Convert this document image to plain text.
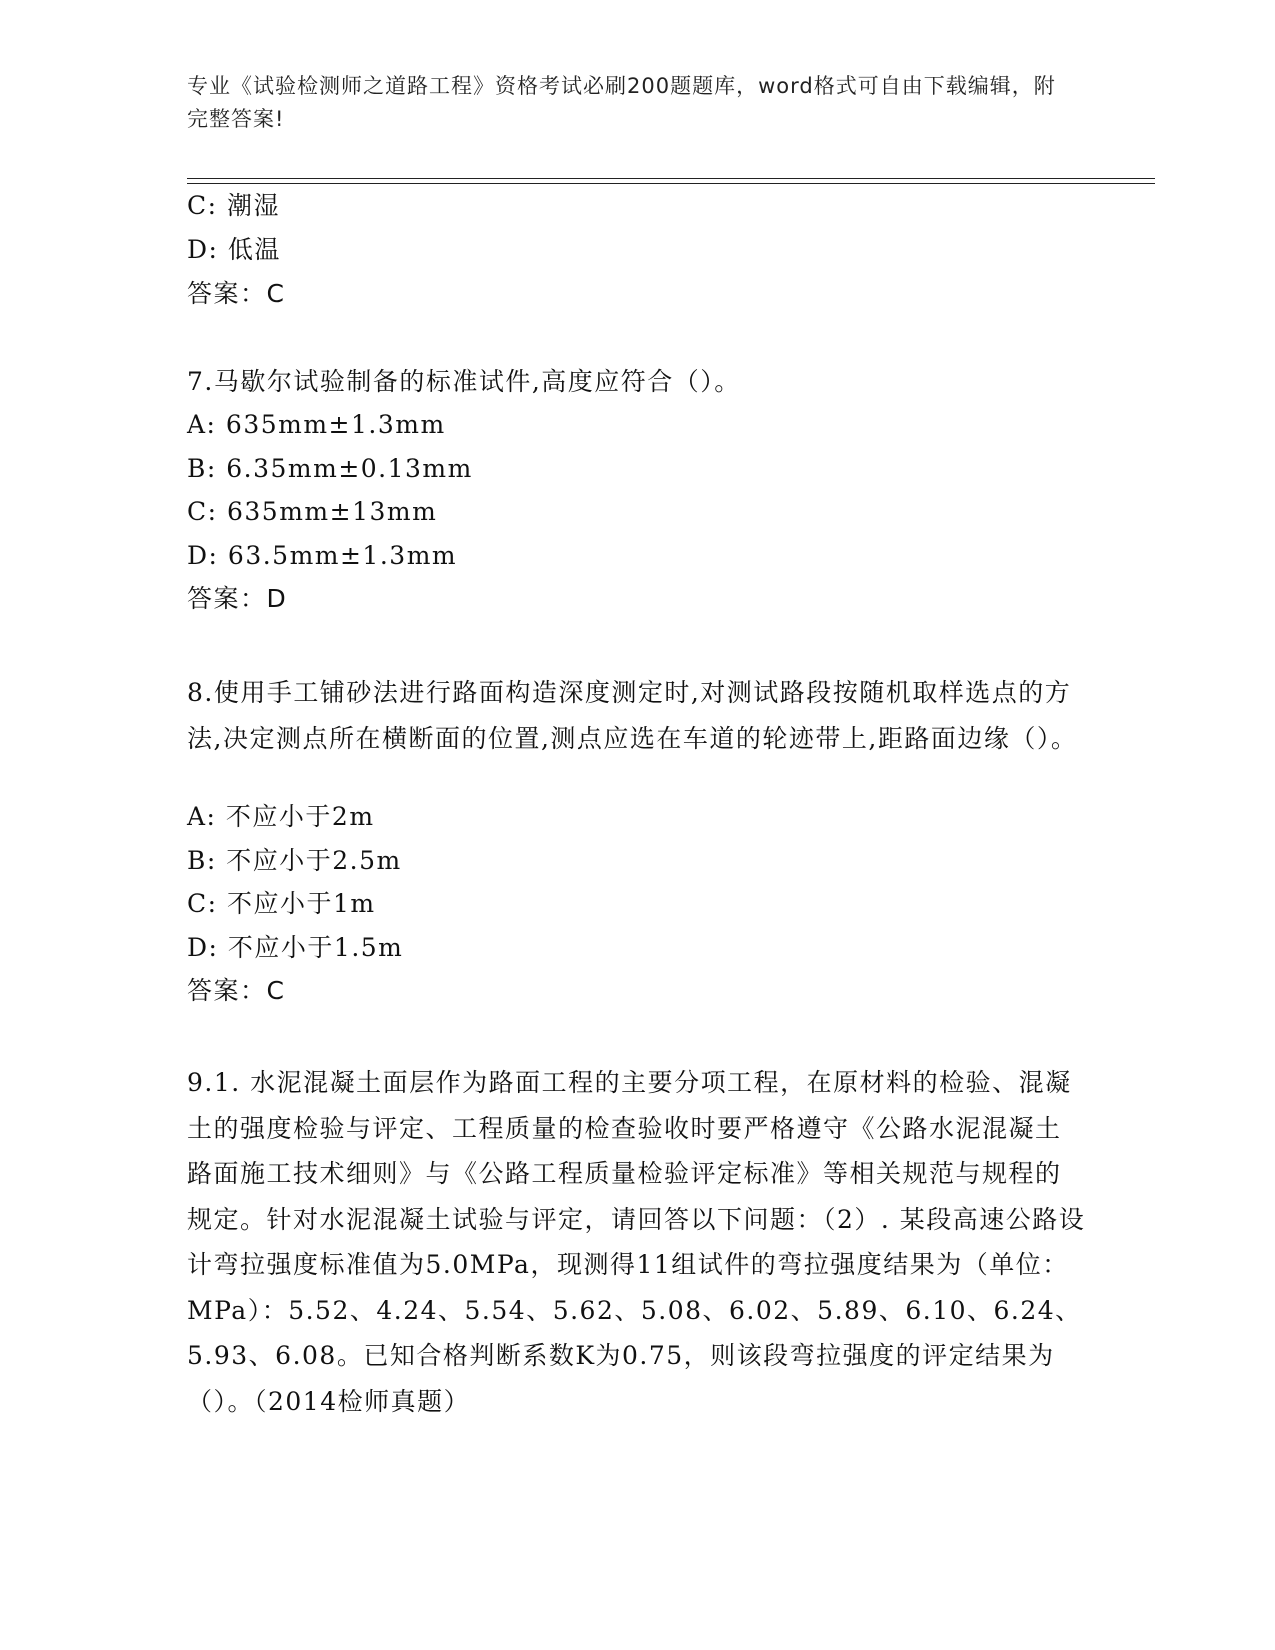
专业《试验检测师之道路工程》资格考试必刷200题题库，word格式可自由下载编辑，附完整答案!
C: 潮湿
D: 低温
答案：C
7.马歇尔试验制备的标准试件,高度应符合（）。
A: 635mm±1.3mm
B: 6.35mm±0.13mm
C: 635mm±13mm
D: 63.5mm±1.3mm
答案：D
8.使用手工铺砂法进行路面构造深度测定时,对测试路段按随机取样选点的方法,决定测点所在横断面的位置,测点应选在车道的轮迹带上,距路面边缘（）。
A: 不应小于2m
B: 不应小于2.5m
C: 不应小于1m
D: 不应小于1.5m
答案：C
9.1. 水泥混凝土面层作为路面工程的主要分项工程，在原材料的检验、混凝土的强度检验与评定、工程质量的检查验收时要严格遵守《公路水泥混凝土路面施工技术细则》与《公路工程质量检验评定标准》等相关规范与规程的规定。针对水泥混凝土试验与评定，请回答以下问题：（2）. 某段高速公路设计弯拉强度标准值为5.0MPa，现测得11组试件的弯拉强度结果为（单位：MPa）：5.52、4.24、5.54、5.62、5.08、6.02、5.89、6.10、6.24、5.93、6.08。已知合格判断系数K为0.75，则该段弯拉强度的评定结果为（）。（2014检师真题）
